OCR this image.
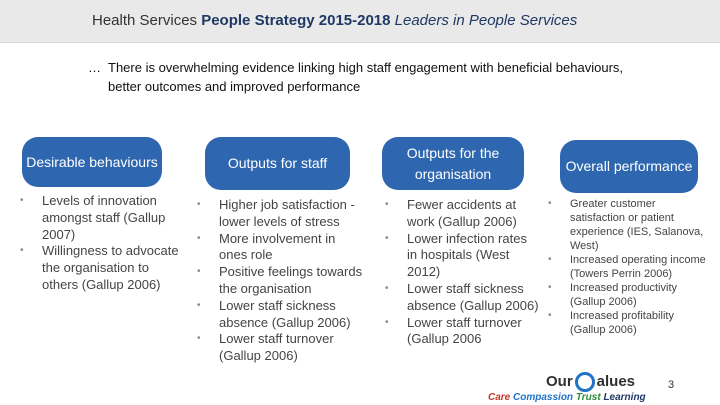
Health Services People Strategy 2015-2018 Leaders in People Services
… There is overwhelming evidence linking high staff engagement with beneficial behaviours, better outcomes and improved performance
Desirable behaviours	Outputs for staff
Outputs for the organisation	Overall performance
• Levels of innovation amongst staff (Gallup 2007)
• Willingness to advocate the organisation to others (Gallup 2006)
• Higher job satisfaction - lower levels of stress
• More involvement in ones role
• Positive feelings towards the organisation
• Lower staff sickness absence (Gallup 2006)
• Lower staff turnover (Gallup 2006)
• Fewer accidents at work (Gallup 2006)
• Lower infection rates in hospitals (West 2012)
• Lower staff sickness absence (Gallup 2006)
• Lower staff turnover (Gallup 2006
• Greater customer satisfaction or patient experience (IES, Salanova, West)
• Increased operating income (Towers Perrin 2006)
• Increased productivity (Gallup 2006)
• Increased profitability (Gallup 2006)
Our alues
Care Compassion Trust Learning
3
